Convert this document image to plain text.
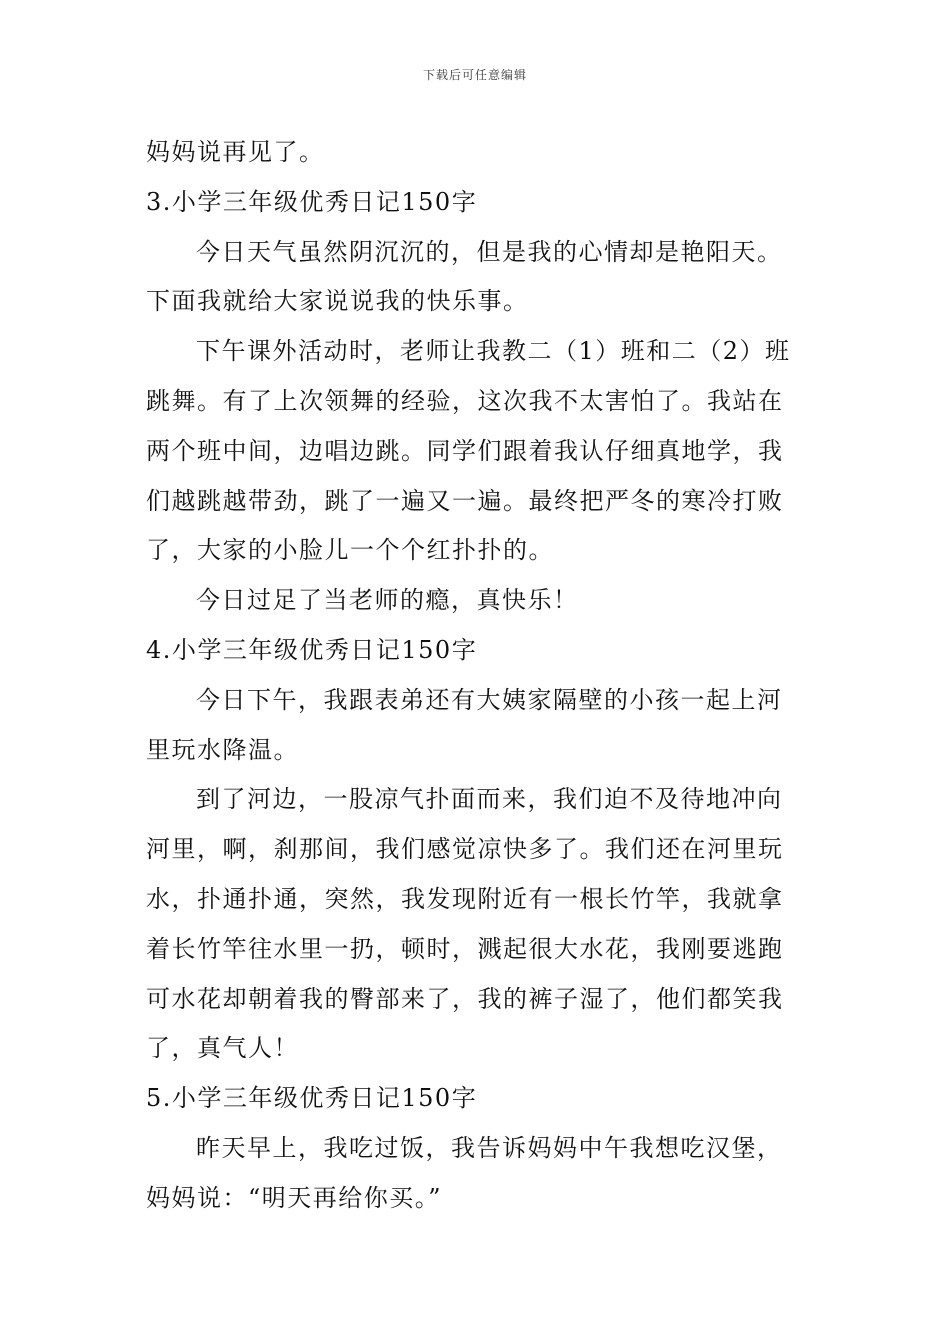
下载后可任意编辑
妈妈说再见了。
3.小学三年级优秀日记150字
今日天气虽然阴沉沉的，但是我的心情却是艳阳天。
下面我就给大家说说我的快乐事。
下午课外活动时，老师让我教二（1）班和二（2）班
跳舞。有了上次领舞的经验，这次我不太害怕了。我站在
两个班中间，边唱边跳。同学们跟着我认仔细真地学，我
们越跳越带劲，跳了一遍又一遍。最终把严冬的寒冷打败
了，大家的小脸儿一个个红扑扑的。
今日过足了当老师的瘾，真快乐！
4.小学三年级优秀日记150字
今日下午，我跟表弟还有大姨家隔壁的小孩一起上河
里玩水降温。
到了河边，一股凉气扑面而来，我们迫不及待地冲向
河里，啊，刹那间，我们感觉凉快多了。我们还在河里玩
水，扑通扑通，突然，我发现附近有一根长竹竿，我就拿
着长竹竿往水里一扔，顿时，溅起很大水花，我刚要逃跑
可水花却朝着我的臀部来了，我的裤子湿了，他们都笑我
了，真气人！
5.小学三年级优秀日记150字
昨天早上，我吃过饭，我告诉妈妈中午我想吃汉堡，
妈妈说：“明天再给你买。”
